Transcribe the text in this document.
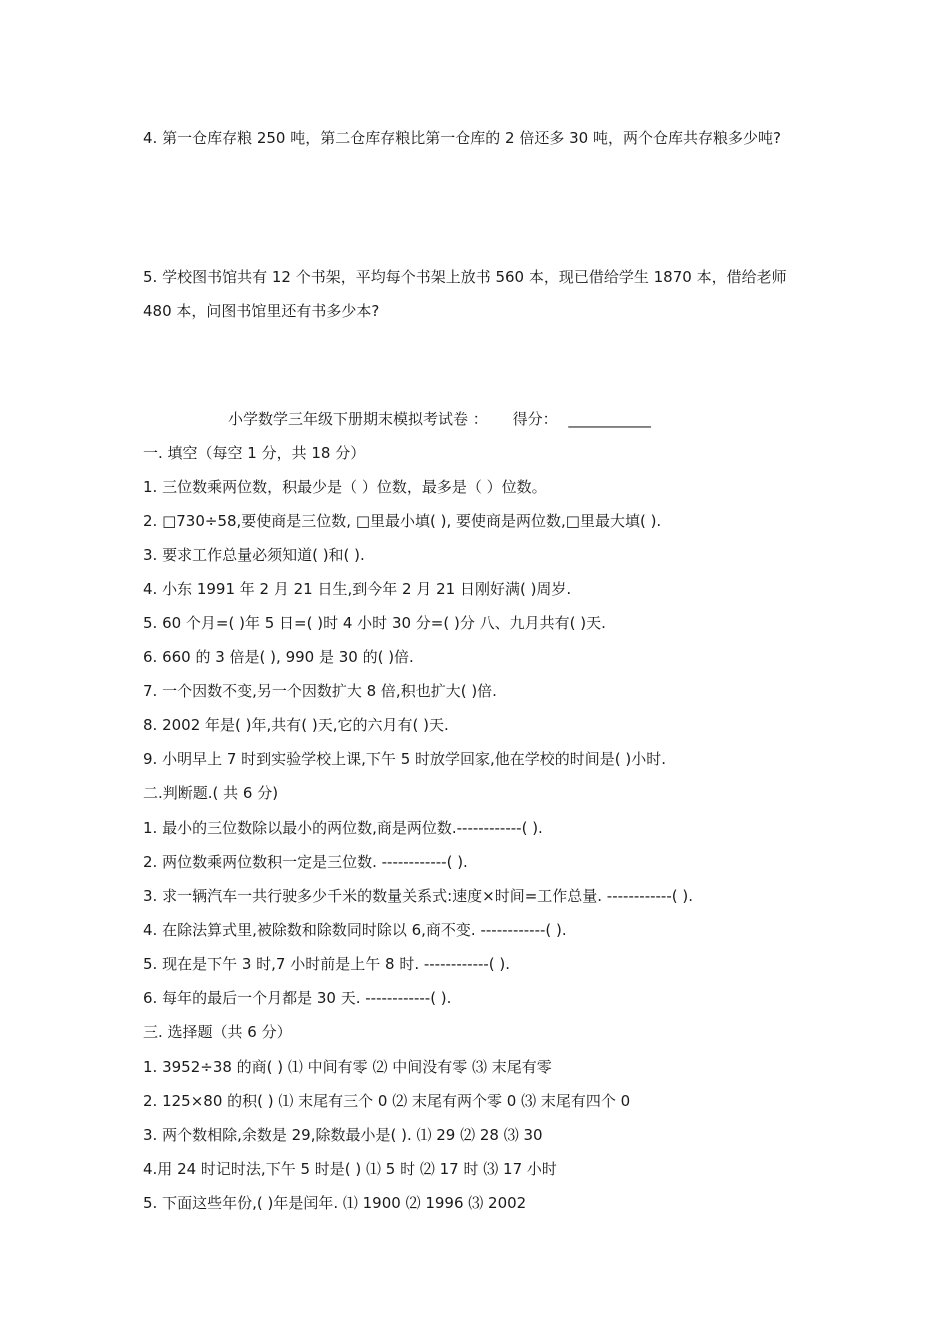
4. 第一仓库存粮 250 吨，第二仓库存粮比第一仓库的 2 倍还多 30 吨，两个仓库共存粮多少吨?

5. 学校图书馆共有 12 个书架，平均每个书架上放书 560 本，现已借给学生 1870 本，借给老师 480 本，问图书馆里还有书多少本?

小学数学三年级下册期末模拟考试卷 ： 得分： ___________

一. 填空（每空 1 分，共 18 分）

1. 三位数乘两位数，积最少是（ ）位数，最多是（ ）位数。

2. □730÷58,要使商是三位数, □里最小填( ), 要使商是两位数,□里最大填( ).

3. 要求工作总量必须知道( )和( ).

4. 小东 1991 年 2 月 21 日生,到今年 2 月 21 日刚好满( )周岁.

5. 60 个月=( )年 5 日=( )时 4 小时 30 分=( )分 八、九月共有( )天.

6. 660 的 3 倍是( ), 990 是 30 的( )倍.

7. 一个因数不变,另一个因数扩大 8 倍,积也扩大( )倍.

8. 2002 年是( )年,共有( )天,它的六月有( )天.

9. 小明早上 7 时到实验学校上课,下午 5 时放学回家,他在学校的时间是( )小时.

二.判断题.( 共 6 分)

1. 最小的三位数除以最小的两位数,商是两位数.------------( ).

2. 两位数乘两位数积一定是三位数. ------------( ).

3. 求一辆汽车一共行驶多少千米的数量关系式:速度×时间=工作总量. ------------( ).

4. 在除法算式里,被除数和除数同时除以 6,商不变. ------------( ).

5. 现在是下午 3 时,7 小时前是上午 8 时. ------------( ).

6. 每年的最后一个月都是 30 天. ------------( ).

三. 选择题（共 6 分）

1. 3952÷38 的商( ) ⑴ 中间有零 ⑵ 中间没有零 ⑶ 末尾有零

2. 125×80 的积( ) ⑴ 末尾有三个 0 ⑵ 末尾有两个零 0 ⑶ 末尾有四个 0

3. 两个数相除,余数是 29,除数最小是( ). ⑴ 29 ⑵ 28 ⑶ 30

4.用 24 时记时法,下午 5 时是( ) ⑴ 5 时 ⑵ 17 时 ⑶ 17 小时

5. 下面这些年份,( )年是闰年. ⑴ 1900 ⑵ 1996 ⑶ 2002
